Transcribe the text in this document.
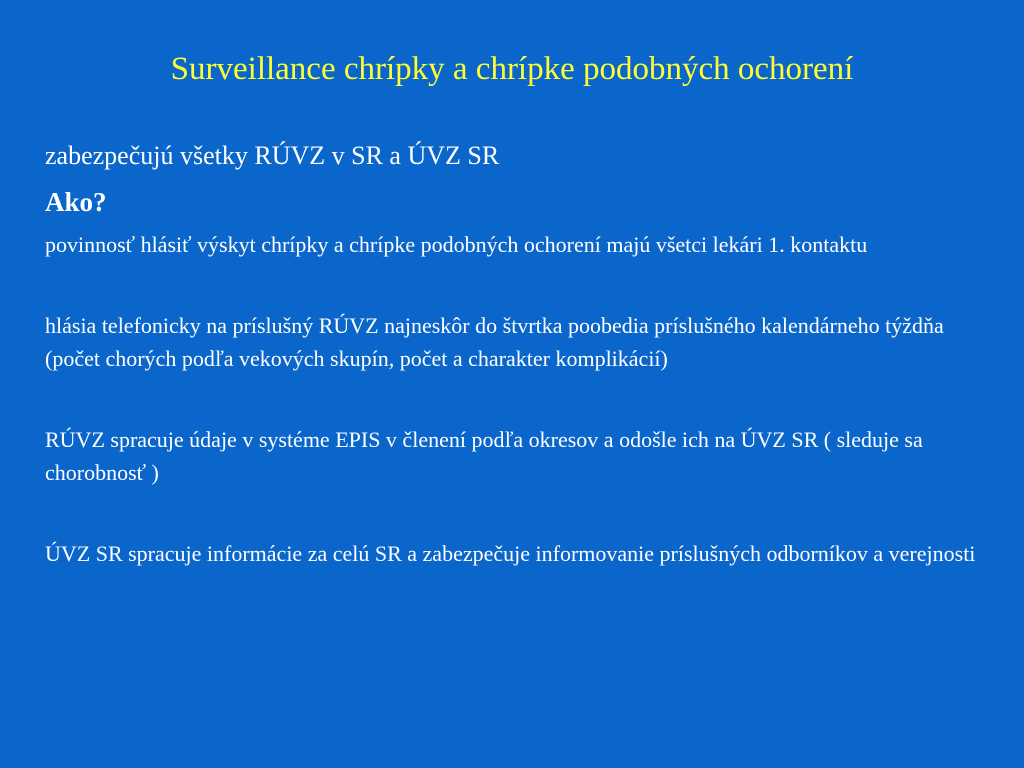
Surveillance chrípky a chrípke podobných ochorení
zabezpečujú všetky RÚVZ v SR a ÚVZ SR
Ako?

povinnosť hlásiť výskyt chrípky a chrípke podobných ochorení majú všetci lekári 1. kontaktu

hlásia telefonicky na príslušný RÚVZ najneskôr do štvrtka poobedia príslušného kalendárneho týždňa (počet chorých podľa vekových skupín, počet a charakter komplikácií)

RÚVZ spracuje údaje v systéme EPIS v členení podľa okresov a odošle ich na ÚVZ SR ( sleduje sa chorobnosť )

ÚVZ SR spracuje informácie za celú SR a zabezpečuje informovanie príslušných odborníkov a verejnosti
